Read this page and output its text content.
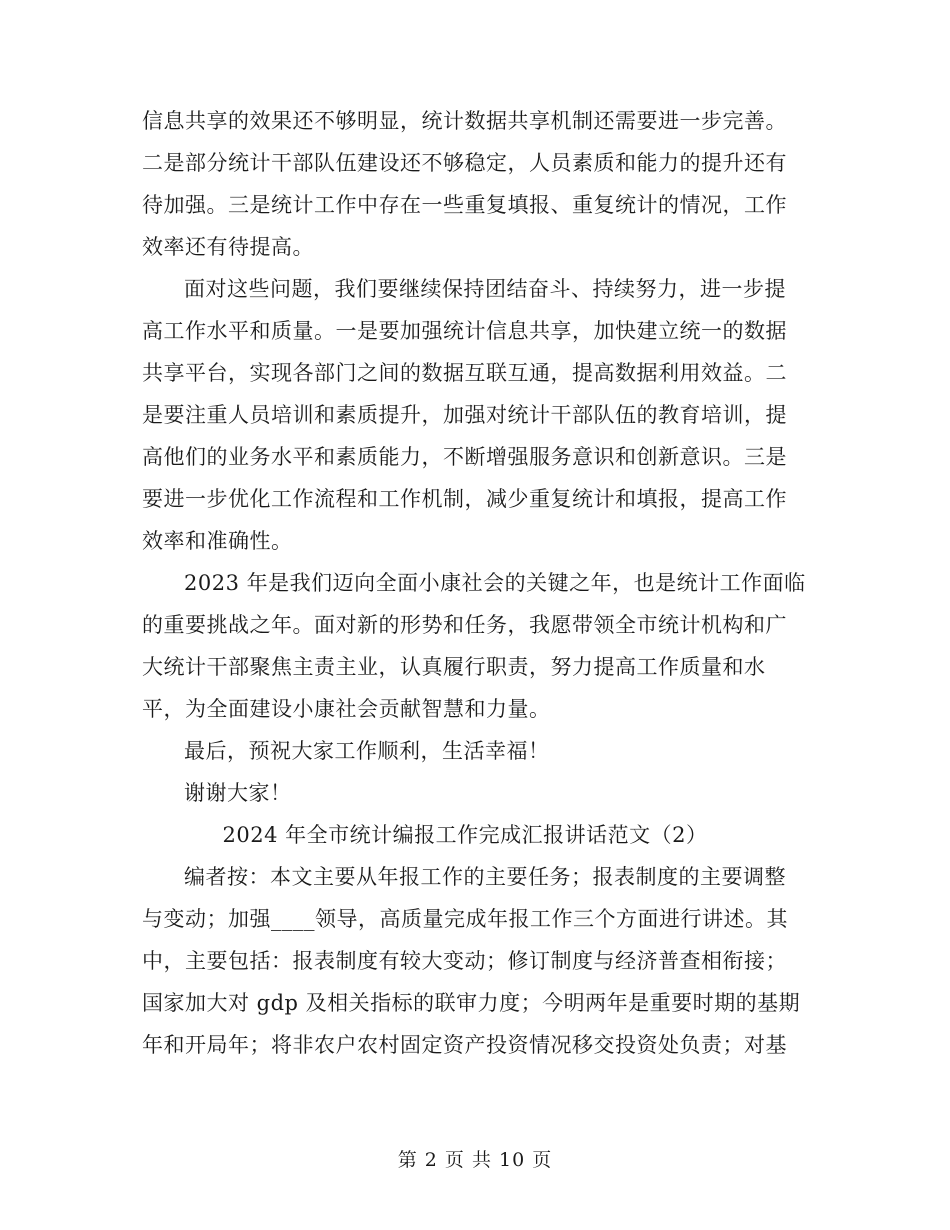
信息共享的效果还不够明显，统计数据共享机制还需要进一步完善。
二是部分统计干部队伍建设还不够稳定，人员素质和能力的提升还有
待加强。三是统计工作中存在一些重复填报、重复统计的情况，工作
效率还有待提高。
面对这些问题，我们要继续保持团结奋斗、持续努力，进一步提
高工作水平和质量。一是要加强统计信息共享，加快建立统一的数据
共享平台，实现各部门之间的数据互联互通，提高数据利用效益。二
是要注重人员培训和素质提升，加强对统计干部队伍的教育培训，提
高他们的业务水平和素质能力，不断增强服务意识和创新意识。三是
要进一步优化工作流程和工作机制，减少重复统计和填报，提高工作
效率和准确性。
2023 年是我们迈向全面小康社会的关键之年，也是统计工作面临
的重要挑战之年。面对新的形势和任务，我愿带领全市统计机构和广
大统计干部聚焦主责主业，认真履行职责，努力提高工作质量和水
平，为全面建设小康社会贡献智慧和力量。
最后，预祝大家工作顺利，生活幸福！
谢谢大家！
2024 年全市统计编报工作完成汇报讲话范文（2）
编者按：本文主要从年报工作的主要任务；报表制度的主要调整
与变动；加强____领导，高质量完成年报工作三个方面进行讲述。其
中，主要包括：报表制度有较大变动；修订制度与经济普查相衔接；
国家加大对 gdp 及相关指标的联审力度；今明两年是重要时期的基期
年和开局年；将非农户农村固定资产投资情况移交投资处负责；对基
第 2 页 共 10 页
